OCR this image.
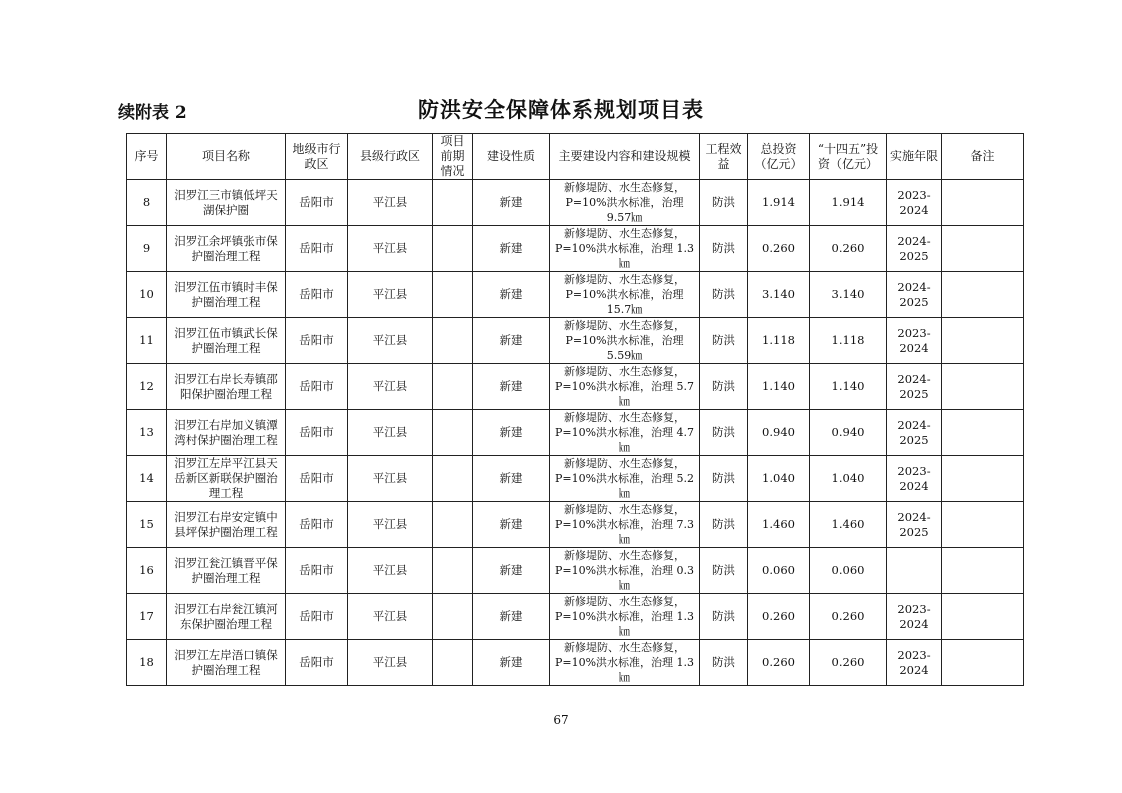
续附表 2	防洪安全保障体系规划项目表
序号	项目名称	地级市行政区	县级行政区	项目前期情况	建设性质	主要建设内容和建设规模	工程效益	总投资（亿元）	“十四五”投资（亿元）	实施年限	备注
8	汨罗江三市镇低坪天湖保护圈	岳阳市	平江县		新建	新修堤防、水生态修复，P=10%洪水标准，治理 9.57㎞	防洪	1.914	1.914	2023-2024	
9	汨罗江余坪镇张市保护圈治理工程	岳阳市	平江县		新建	新修堤防、水生态修复，P=10%洪水标准，治理 1.3㎞	防洪	0.260	0.260	2024-2025	
10	汨罗江伍市镇时丰保护圈治理工程	岳阳市	平江县		新建	新修堤防、水生态修复，P=10%洪水标准，治理 15.7㎞	防洪	3.140	3.140	2024-2025	
11	汨罗江伍市镇武长保护圈治理工程	岳阳市	平江县		新建	新修堤防、水生态修复，P=10%洪水标准，治理 5.59㎞	防洪	1.118	1.118	2023-2024	
12	汨罗江右岸长寿镇邵阳保护圈治理工程	岳阳市	平江县		新建	新修堤防、水生态修复，P=10%洪水标准，治理 5.7㎞	防洪	1.140	1.140	2024-2025	
13	汨罗江右岸加义镇潭湾村保护圈治理工程	岳阳市	平江县		新建	新修堤防、水生态修复，P=10%洪水标准，治理 4.7㎞	防洪	0.940	0.940	2024-2025	
14	汨罗江左岸平江县天岳新区新联保护圈治理工程	岳阳市	平江县		新建	新修堤防、水生态修复，P=10%洪水标准，治理 5.2㎞	防洪	1.040	1.040	2023-2024	
15	汨罗江右岸安定镇中县坪保护圈治理工程	岳阳市	平江县		新建	新修堤防、水生态修复，P=10%洪水标准，治理 7.3㎞	防洪	1.460	1.460	2024-2025	
16	汨罗江瓮江镇晋平保护圈治理工程	岳阳市	平江县		新建	新修堤防、水生态修复，P=10%洪水标准，治理 0.3㎞	防洪	0.060	0.060		
17	汨罗江右岸瓮江镇河东保护圈治理工程	岳阳市	平江县		新建	新修堤防、水生态修复，P=10%洪水标准，治理 1.3㎞	防洪	0.260	0.260	2023-2024	
18	汨罗江左岸浯口镇保护圈治理工程	岳阳市	平江县		新建	新修堤防、水生态修复，P=10%洪水标准，治理 1.3㎞	防洪	0.260	0.260	2023-2024	
67
